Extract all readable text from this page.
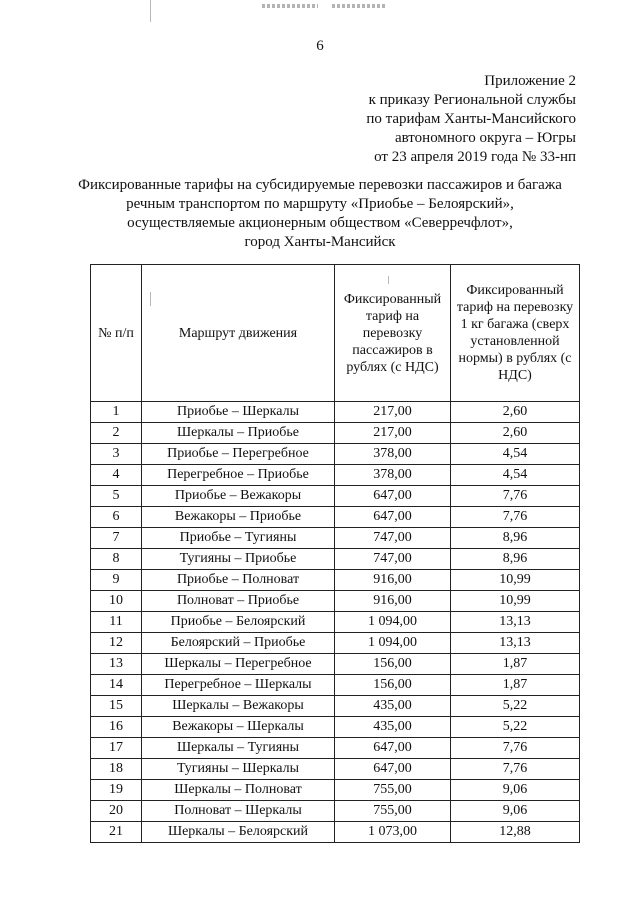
6
Приложение 2
к приказу Региональной службы
по тарифам Ханты-Мансийского
автономного округа – Югры
от 23 апреля 2019 года № 33-нп
Фиксированные тарифы на субсидируемые перевозки пассажиров и багажа
речным транспортом по маршруту «Приобье – Белоярский»,
осуществляемые акционерным обществом «Северречфлот»,
город Ханты-Мансийск
№ п/п	Маршрут движения	Фиксированный тариф на перевозку пассажиров в рублях (с НДС)	Фиксированный тариф на перевозку 1 кг багажа (сверх установленной нормы) в рублях (с НДС)
1	Приобье – Шеркалы	217,00	2,60
2	Шеркалы – Приобье	217,00	2,60
3	Приобье – Перегребное	378,00	4,54
4	Перегребное – Приобье	378,00	4,54
5	Приобье – Вежакоры	647,00	7,76
6	Вежакоры – Приобье	647,00	7,76
7	Приобье – Тугияны	747,00	8,96
8	Тугияны – Приобье	747,00	8,96
9	Приобье – Полноват	916,00	10,99
10	Полноват – Приобье	916,00	10,99
11	Приобье – Белоярский	1 094,00	13,13
12	Белоярский – Приобье	1 094,00	13,13
13	Шеркалы – Перегребное	156,00	1,87
14	Перегребное – Шеркалы	156,00	1,87
15	Шеркалы – Вежакоры	435,00	5,22
16	Вежакоры – Шеркалы	435,00	5,22
17	Шеркалы – Тугияны	647,00	7,76
18	Тугияны – Шеркалы	647,00	7,76
19	Шеркалы – Полноват	755,00	9,06
20	Полноват – Шеркалы	755,00	9,06
21	Шеркалы – Белоярский	1 073,00	12,88
